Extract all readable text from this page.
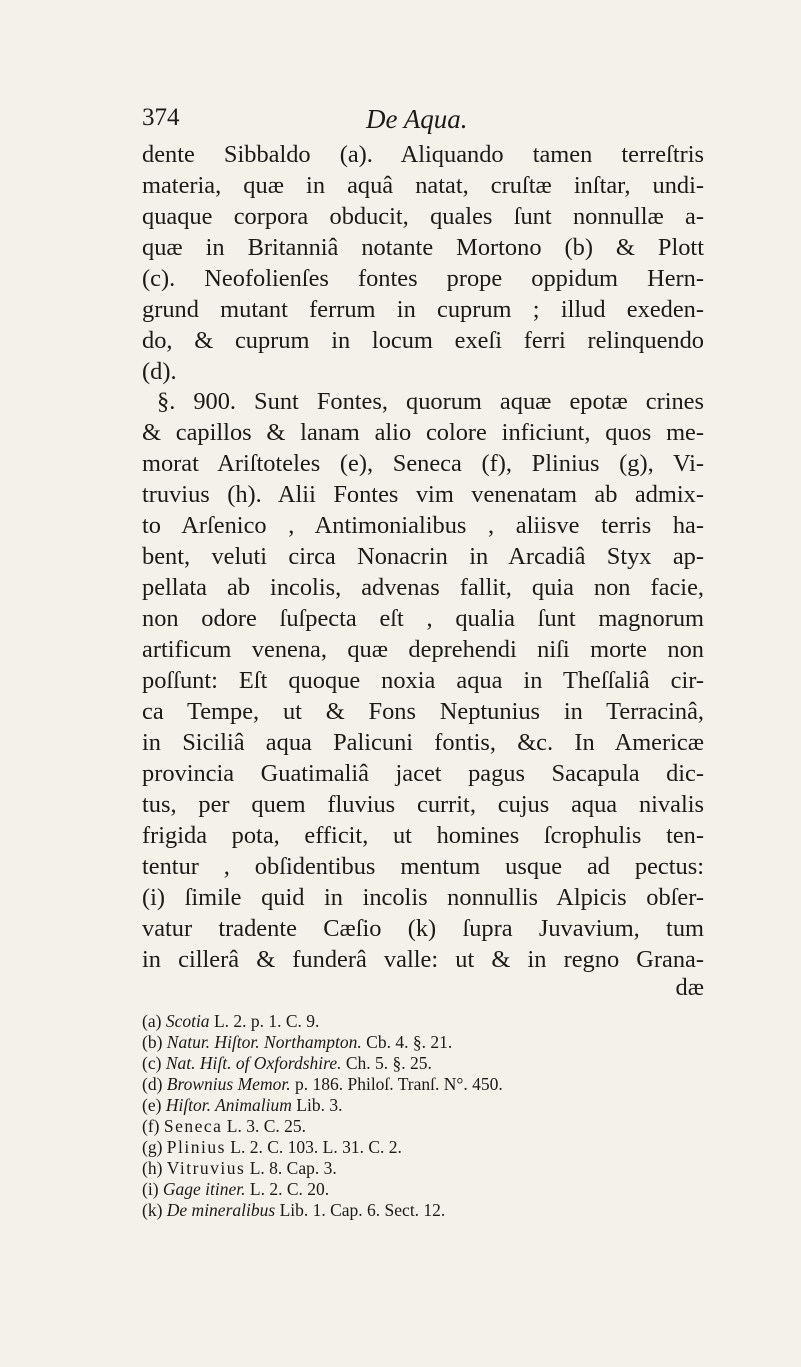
374	De Aqua.
dente Sibbaldo (a). Aliquando tamen terreſtris
materia, quæ in aquâ natat, cruſtæ inſtar, undi-
quaque corpora obducit, quales ſunt nonnullæ a-
quæ in Britanniâ notante Mortono (b) & Plott
(c). Neofolienſes fontes prope oppidum Hern-
grund mutant ferrum in cuprum ; illud exeden-
do, & cuprum in locum exeſi ferri relinquendo
(d).
§. 900. Sunt Fontes, quorum aquæ epotæ crines
& capillos & lanam alio colore inficiunt, quos me-
morat Ariſtoteles (e), Seneca (f), Plinius (g), Vi-
truvius (h). Alii Fontes vim venenatam ab admix-
to Arſenico , Antimonialibus , aliisve terris ha-
bent, veluti circa Nonacrin in Arcadiâ Styx ap-
pellata ab incolis, advenas fallit, quia non facie,
non odore ſuſpecta eſt , qualia ſunt magnorum
artificum venena, quæ deprehendi niſi morte non
poſſunt: Eſt quoque noxia aqua in Theſſaliâ cir-
ca Tempe, ut & Fons Neptunius in Terracinâ,
in Siciliâ aqua Palicuni fontis, &c. In Americæ
provincia Guatimaliâ jacet pagus Sacapula dic-
tus, per quem fluvius currit, cujus aqua nivalis
frigida pota, efficit, ut homines ſcrophulis ten-
tentur , obſidentibus mentum usque ad pectus:
(i) ſimile quid in incolis nonnullis Alpicis obſer-
vatur tradente Cæſio (k) ſupra Juvavium, tum
in cillerâ & funderâ valle: ut & in regno Grana-
dæ
(a) Scotia L. 2. p. 1. C. 9.
(b) Natur. Hiſtor. Northampton. Cb. 4. §. 21.
(c) Nat. Hiſt. of Oxfordshire. Ch. 5. §. 25.
(d) Brownius Memor. p. 186. Philoſ. Tranſ. N°. 450.
(e) Hiſtor. Animalium Lib. 3.
(f) Seneca L. 3. C. 25.
(g) Plinius L. 2. C. 103. L. 31. C. 2.
(h) Vitruvius L. 8. Cap. 3.
(i) Gage itiner. L. 2. C. 20.
(k) De mineralibus Lib. 1. Cap. 6. Sect. 12.
